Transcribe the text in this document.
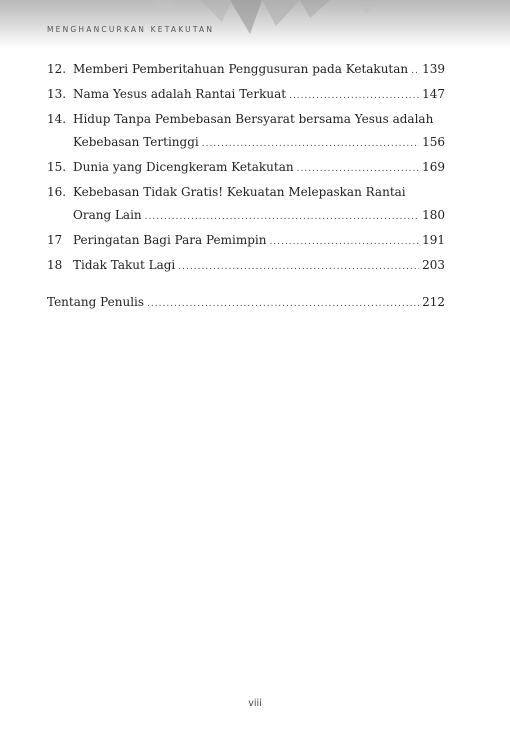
MENGHANCURKAN KETAKUTAN
12. Memberi Pemberitahuan Penggusuran pada Ketakutan ..... 139
13. Nama Yesus adalah Rantai Terkuat .....	147
14. Hidup Tanpa Pembebasan Bersyarat bersama Yesus adalah
Kebebasan Tertinggi .....	156
15. Dunia yang Dicengkeram Ketakutan .....	169
16. Kebebasan Tidak Gratis! Kekuatan Melepaskan Rantai
Orang Lain .....	180
17 Peringatan Bagi Para Pemimpin .....	191
18 Tidak Takut Lagi .....	203
Tentang Penulis .....	212
viii
